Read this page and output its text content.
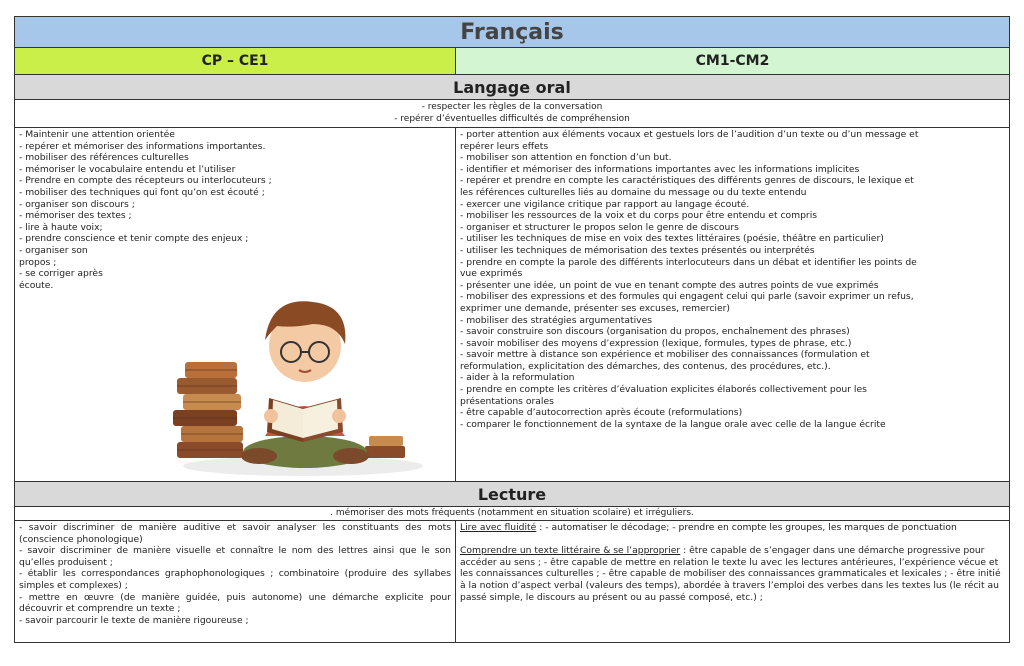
Français
CP – CE1	CM1-CM2
Langage oral
- respecter les règles de la conversation
- repérer d’éventuelles difficultés de compréhension
- Maintenir une attention orientée
- repérer et mémoriser des informations importantes.
- mobiliser des références culturelles
- mémoriser le vocabulaire entendu et l’utiliser
- Prendre en compte des récepteurs ou interlocuteurs ;
- mobiliser des techniques qui font qu’on est écouté ;
- organiser son discours ;
- mémoriser des textes ;
- lire à haute voix;
- prendre conscience et tenir compte des enjeux ;
- organiser son
propos ;
- se corriger après
écoute.
- porter attention aux éléments vocaux et gestuels lors de l’audition d’un texte ou d’un message et
repérer leurs effets
- mobiliser son attention en fonction d’un but.
- identifier et mémoriser des informations importantes avec les informations implicites
- repérer et prendre en compte les caractéristiques des différents genres de discours, le lexique et
les références culturelles liés au domaine du message ou du texte entendu
- exercer une vigilance critique par rapport au langage écouté.
- mobiliser les ressources de la voix et du corps pour être entendu et compris
- organiser et structurer le propos selon le genre de discours
- utiliser les techniques de mise en voix des textes littéraires (poésie, théâtre en particulier)
- utiliser les techniques de mémorisation des textes présentés ou interprétés
- prendre en compte la parole des différents interlocuteurs dans un débat et identifier les points de
vue exprimés
- présenter une idée, un point de vue en tenant compte des autres points de vue exprimés
- mobiliser des expressions et des formules qui engagent celui qui parle (savoir exprimer un refus,
exprimer une demande, présenter ses excuses, remercier)
- mobiliser des stratégies argumentatives
- savoir construire son discours (organisation du propos, enchaînement des phrases)
- savoir mobiliser des moyens d’expression (lexique, formules, types de phrase, etc.)
- savoir mettre à distance son expérience et mobiliser des connaissances (formulation et
reformulation, explicitation des démarches, des contenus, des procédures, etc.).
- aider à la reformulation
- prendre en compte les critères d’évaluation explicites élaborés collectivement pour les
présentations orales
- être capable d’autocorrection après écoute (reformulations)
- comparer le fonctionnement de la syntaxe de la langue orale avec celle de la langue écrite
Lecture
. mémoriser des mots fréquents (notamment en situation scolaire) et irréguliers.
- savoir discriminer de manière auditive et savoir analyser les constituants des mots (conscience phonologique)
- savoir discriminer de manière visuelle et connaître le nom des lettres ainsi que le son qu’elles produisent ;
- établir les correspondances graphophonologiques ; combinatoire (produire des syllabes simples et complexes) ;
- mettre en œuvre (de manière guidée, puis autonome) une démarche explicite pour découvrir et comprendre un texte ;
- savoir parcourir le texte de manière rigoureuse ;
Lire avec fluidité : - automatiser le décodage; - prendre en compte les groupes, les marques de ponctuation
Comprendre un texte littéraire & se l’approprier : être capable de s’engager dans une démarche progressive pour accéder au sens ; - être capable de mettre en relation le texte lu avec les lectures antérieures, l’expérience vécue et les connaissances culturelles ; - être capable de mobiliser des connaissances grammaticales et lexicales ; - être initié à la notion d’aspect verbal (valeurs des temps), abordée à travers l’emploi des verbes dans les textes lus (le récit au passé simple, le discours au présent ou au passé composé, etc.) ;
